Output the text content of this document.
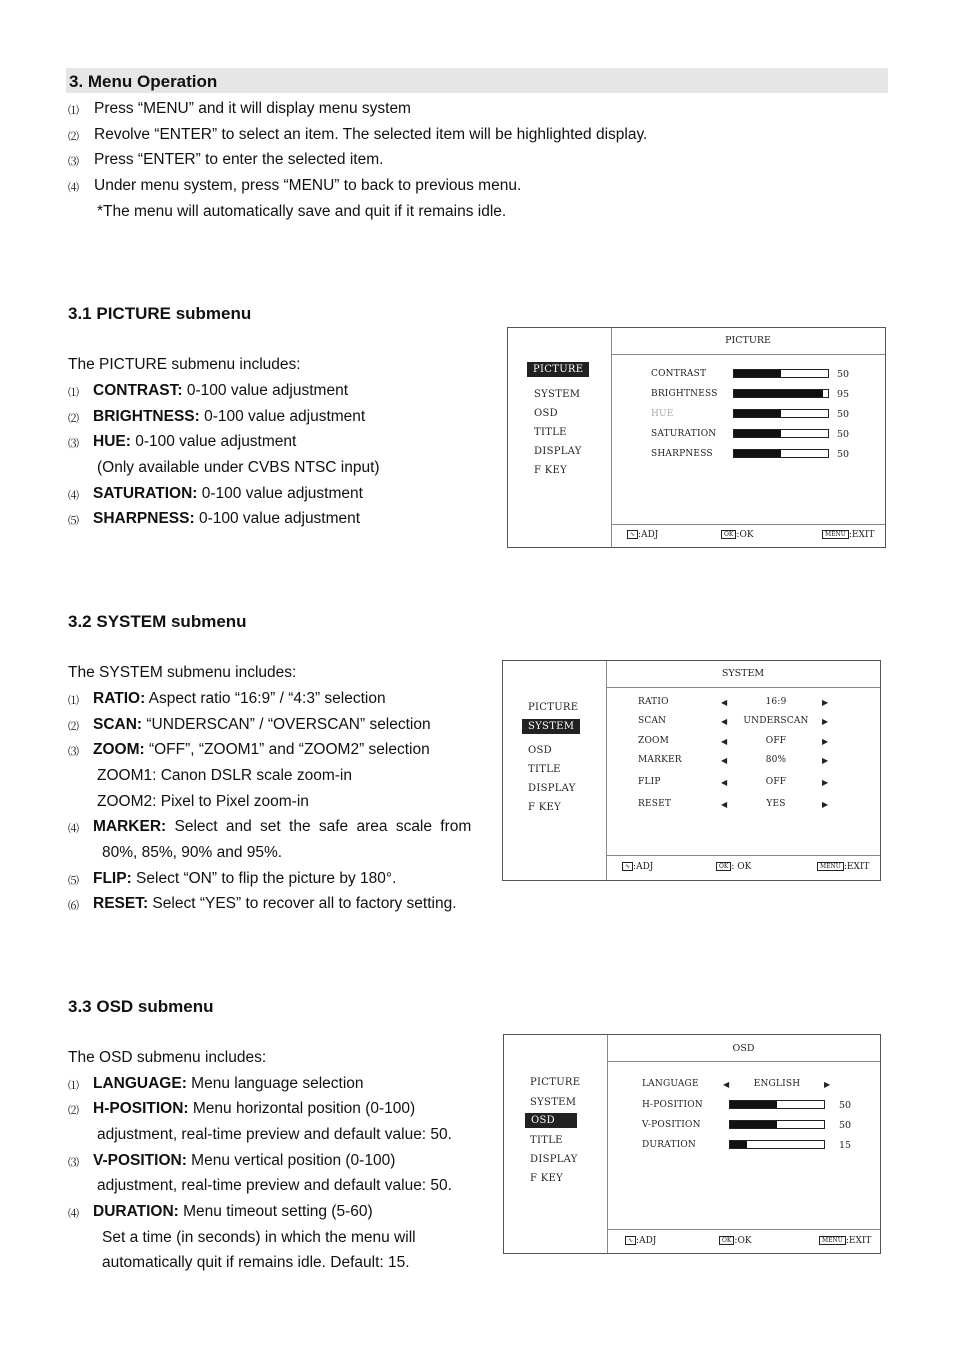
3. Menu Operation
⑴ Press “MENU” and it will display menu system
⑵ Revolve “ENTER” to select an item. The selected item will be highlighted display.
⑶ Press “ENTER” to enter the selected item.
⑷ Under menu system, press “MENU” to back to previous menu.
*The menu will automatically save and quit if it remains idle.
3.1 PICTURE submenu
The PICTURE submenu includes:
⑴ CONTRAST: 0-100 value adjustment
⑵ BRIGHTNESS: 0-100 value adjustment
⑶ HUE: 0-100 value adjustment
(Only available under CVBS NTSC input)
⑷ SATURATION: 0-100 value adjustment
⑸ SHARPNESS: 0-100 value adjustment
PICTURE
SYSTEM
OSD
TITLE
DISPLAY
F KEY
PICTURE
CONTRAST	50
BRIGHTNESS	95
HUE	50
SATURATION	50
SHARPNESS	50
∿ :ADJ	OK :OK	MENU :EXIT
3.2 SYSTEM submenu
The SYSTEM submenu includes:
⑴ RATIO: Aspect ratio “16:9” / “4:3” selection
⑵ SCAN: “UNDERSCAN” / “OVERSCAN” selection
⑶ ZOOM: “OFF”, “ZOOM1” and “ZOOM2” selection
ZOOM1: Canon DSLR scale zoom-in
ZOOM2: Pixel to Pixel zoom-in
⑷ MARKER: Select and set the safe area scale from
80%, 85%, 90% and 95%.
⑸ FLIP: Select “ON” to flip the picture by 180°.
⑹ RESET: Select “YES” to recover all to factory setting.
PICTURE
SYSTEM
OSD
TITLE
DISPLAY
F KEY
SYSTEM
RATIO	◀	16:9	▶
SCAN	◀ UNDERSCAN ▶
ZOOM	◀	OFF	▶
MARKER	◀	80%	▶
FLIP	◀	OFF	▶
RESET	◀	YES	▶
∿ :ADJ	OK : OK	MENU :EXIT
3.3 OSD submenu
The OSD submenu includes:
⑴ LANGUAGE: Menu language selection
⑵ H-POSITION: Menu horizontal position (0-100)
adjustment, real-time preview and default value: 50.
⑶ V-POSITION: Menu vertical position (0-100)
adjustment, real-time preview and default value: 50.
⑷ DURATION: Menu timeout setting (5-60)
Set a time (in seconds) in which the menu will
automatically quit if remains idle. Default: 15.
PICTURE
SYSTEM
OSD
TITLE
DISPLAY
F KEY
OSD
LANGUAGE	◀	ENGLISH	▶
H-POSITION	50
V-POSITION	50
DURATION	15
∿ :ADJ	OK :OK	MENU :EXIT
